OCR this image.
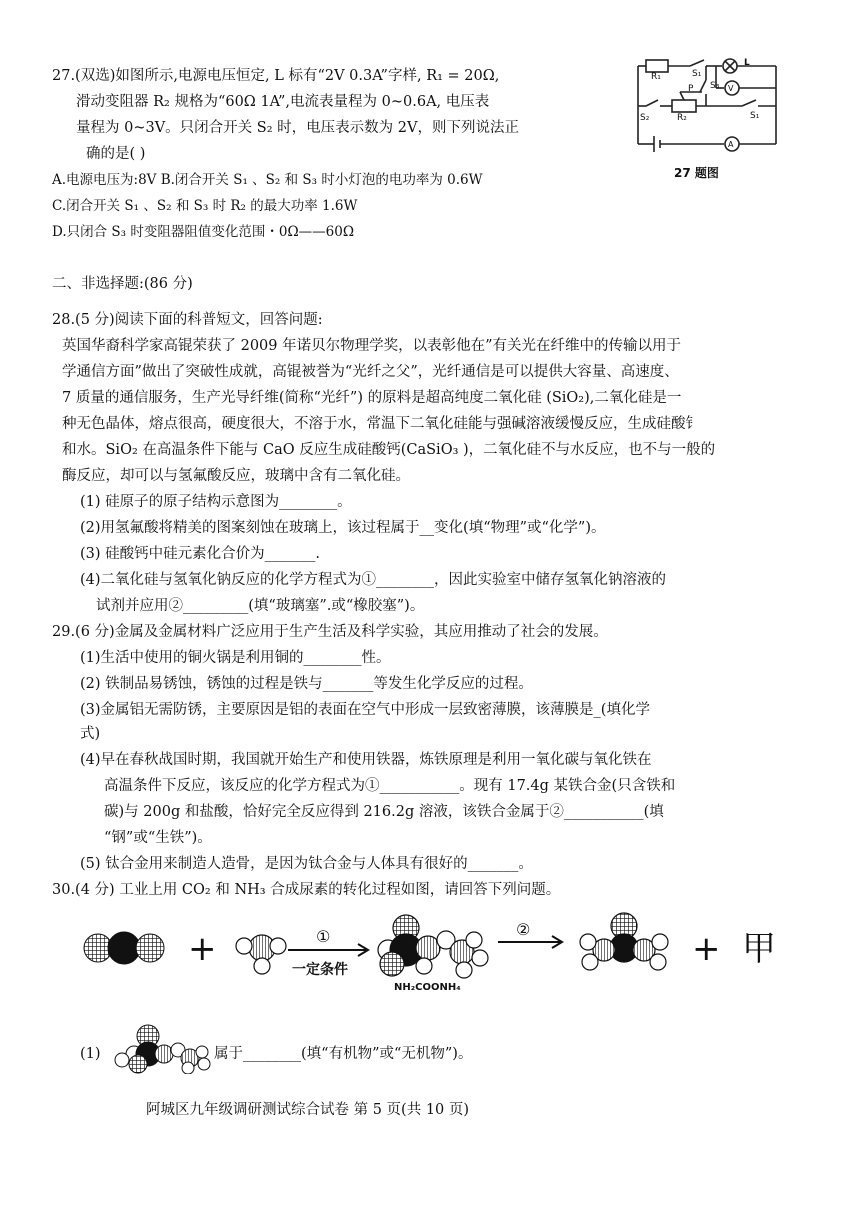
27.(双选)如图所示,电源电压恒定, L 标有“2V 0.3A”字样, R₁ = 20Ω,
滑动变阻器 R₂ 规格为“60Ω 1A”,电流表量程为 0~0.6A, 电压表
量程为 0~3V。只闭合开关 S₂ 时，电压表示数为 2V，则下列说法正
确的是( )
A.电源电压为:8V B.闭合开关 S₁ 、S₂ 和 S₃ 时小灯泡的电功率为 0.6W
C.闭合开关 S₁ 、S₂ 和 S₃ 时 R₂ 的最大功率 1.6W
D.只闭合 S₃ 时变阻器阻值变化范围・0Ω——60Ω
R₁	S₁
L
S₃ V
P
S₂	R₂	S₁
A
27 题图
二、非选择题:(86 分)
28.(5 分)阅读下面的科普短文，回答问题:
英国华裔科学家高锟荣获了 2009 年诺贝尔物理学奖，以表彰他在”有关光在纤维中的传输以用于
学通信方面”做出了突破性成就，高锟被誉为“光纤之父”，光纤通信是可以提供大容量、高速度、
7 质量的通信服务，生产光导纤维(简称“光纤”) 的原料是超高纯度二氧化硅 (SiO₂),二氧化硅是一
种无色晶体，熔点很高，硬度很大，不溶于水，常温下二氧化硅能与强碱溶液缓慢反应，生成硅酸钅
和水。SiO₂ 在高温条件下能与 CaO 反应生成硅酸钙(CaSiO₃ )，二氧化硅不与水反应，也不与一般的
酶反应，却可以与氢氟酸反应，玻璃中含有二氧化硅。
(1) 硅原子的原子结构示意图为________。
(2)用氢氟酸将精美的图案刻蚀在玻璃上，该过程属于__变化(填“物理”或“化学”)。
(3) 硅酸钙中硅元素化合价为_______.
(4)二氧化硅与氢氧化钠反应的化学方程式为①________，因此实验室中储存氢氧化钠溶液的
试剂并应用②_________(填“玻璃塞”.或“橡胶塞”)。
29.(6 分)金属及金属材料广泛应用于生产生活及科学实验，其应用推动了社会的发展。
(1)生活中使用的铜火锅是利用铜的________性。
(2) 铁制品易锈蚀，锈蚀的过程是铁与_______等发生化学反应的过程。
(3)金属铝无需防锈，主要原因是铝的表面在空气中形成一层致密薄膜，该薄膜是_(填化学
式)
(4)早在春秋战国时期，我国就开始生产和使用铁器，炼铁原理是利用一氧化碳与氧化铁在
高温条件下反应，该反应的化学方程式为①___________。现有 17.4g 某铁合金(只含铁和
碳)与 200g 和盐酸，恰好完全反应得到 216.2g 溶液，该铁合金属于②___________(填
“钢”或“生铁”)。
(5) 钛合金用来制造人造骨，是因为钛合金与人体具有很好的_______。
30.(4 分) 工业上用 CO₂ 和 NH₃ 合成尿素的转化过程如图，请回答下列问题。
+	①
一定条件
NH₂COONH₄
②	+ 甲
(1)	属于________(填“有机物”或“无机物”)。
阿城区九年级调研测试综合试卷 第 5 页(共 10 页)
